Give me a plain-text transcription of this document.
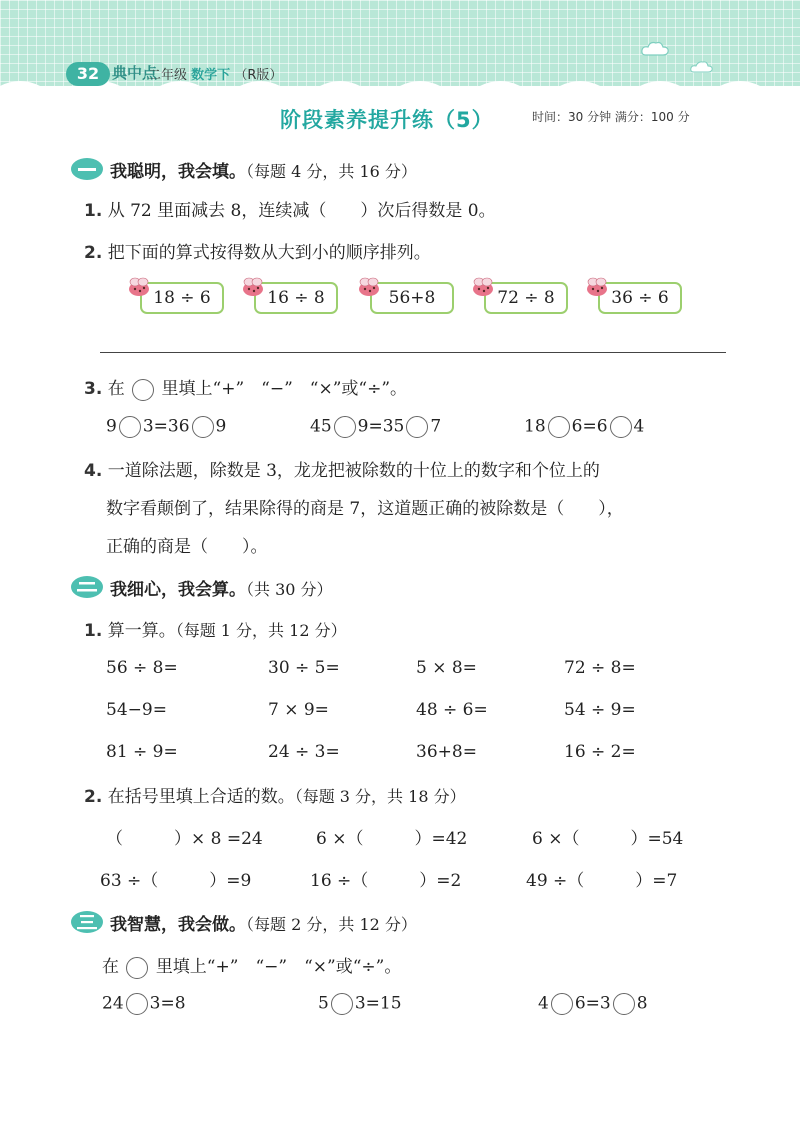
32 典中点
二年级 数学下 （R版）
阶段素养提升练（5）	时间：30 分钟 满分：100 分
我聪明，我会填。（每题 4 分，共 16 分）
1. 从 72 里面减去 8，连续减（　　）次后得数是 0。
2. 把下面的算式按得数从大到小的顺序排列。
18 ÷ 6	16 ÷ 8	56+8	72 ÷ 8	36 ÷ 6
3. 在 里填上“+”　“−”　“×”或“÷”。
9 3=36 9	45 9=35 7	18 6=6 4
4. 一道除法题，除数是 3，龙龙把被除数的十位上的数字和个位上的
数字看颠倒了，结果除得的商是 7，这道题正确的被除数是（　　），
正确的商是（　　）。
我细心，我会算。（共 30 分）
1. 算一算。（每题 1 分，共 12 分）
56 ÷ 8=	30 ÷ 5=	5 × 8=	72 ÷ 8=
54−9=	7 × 9=	48 ÷ 6=	54 ÷ 9=
81 ÷ 9=	24 ÷ 3=	36+8=	16 ÷ 2=
2. 在括号里填上合适的数。（每题 3 分，共 18 分）
（　　　）× 8 =24	6 ×（　　　）=42	6 ×（　　　）=54
63 ÷（　　　）=9	16 ÷（　　　）=2	49 ÷（　　　）=7
我智慧，我会做。（每题 2 分，共 12 分）
在 里填上“+”　“−”　“×”或“÷”。
24 3=8	5 3=15	4 6=3 8
